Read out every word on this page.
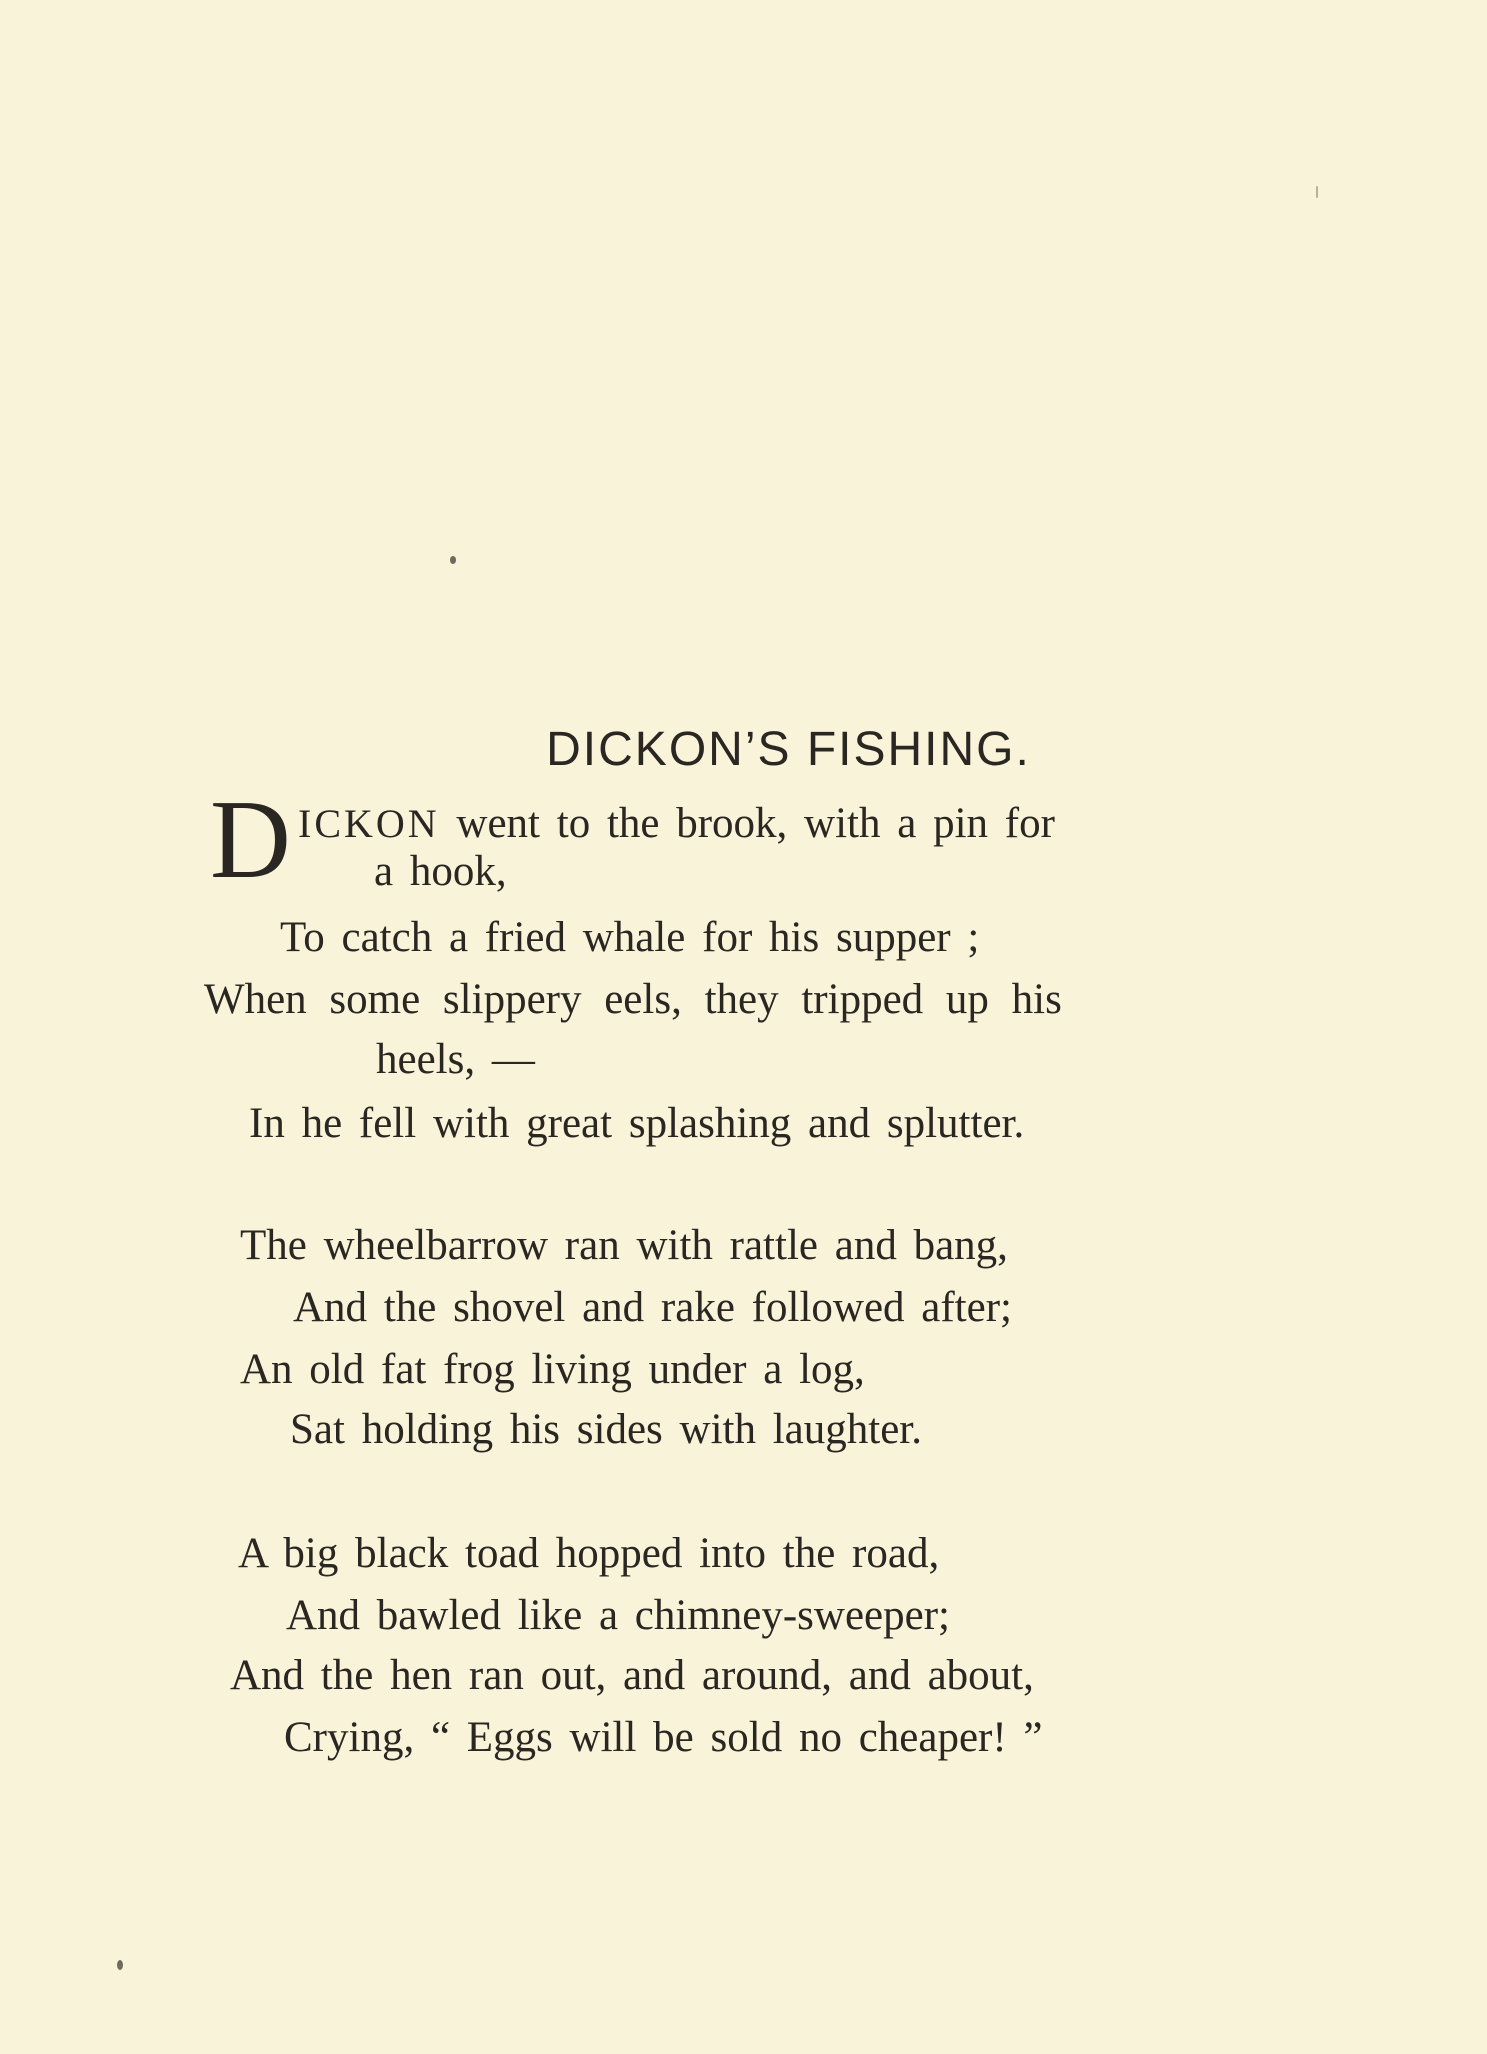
DICKON’S FISHING.
D ICKON went to the brook, with a pin for
a hook,
To catch a fried whale for his supper ;
When some slippery eels, they tripped up his
heels, —
In he fell with great splashing and splutter.
The wheelbarrow ran with rattle and bang,
And the shovel and rake followed after;
An old fat frog living under a log,
Sat holding his sides with laughter.
A big black toad hopped into the road,
And bawled like a chimney-sweeper;
And the hen ran out, and around, and about,
Crying, “ Eggs will be sold no cheaper! ”
